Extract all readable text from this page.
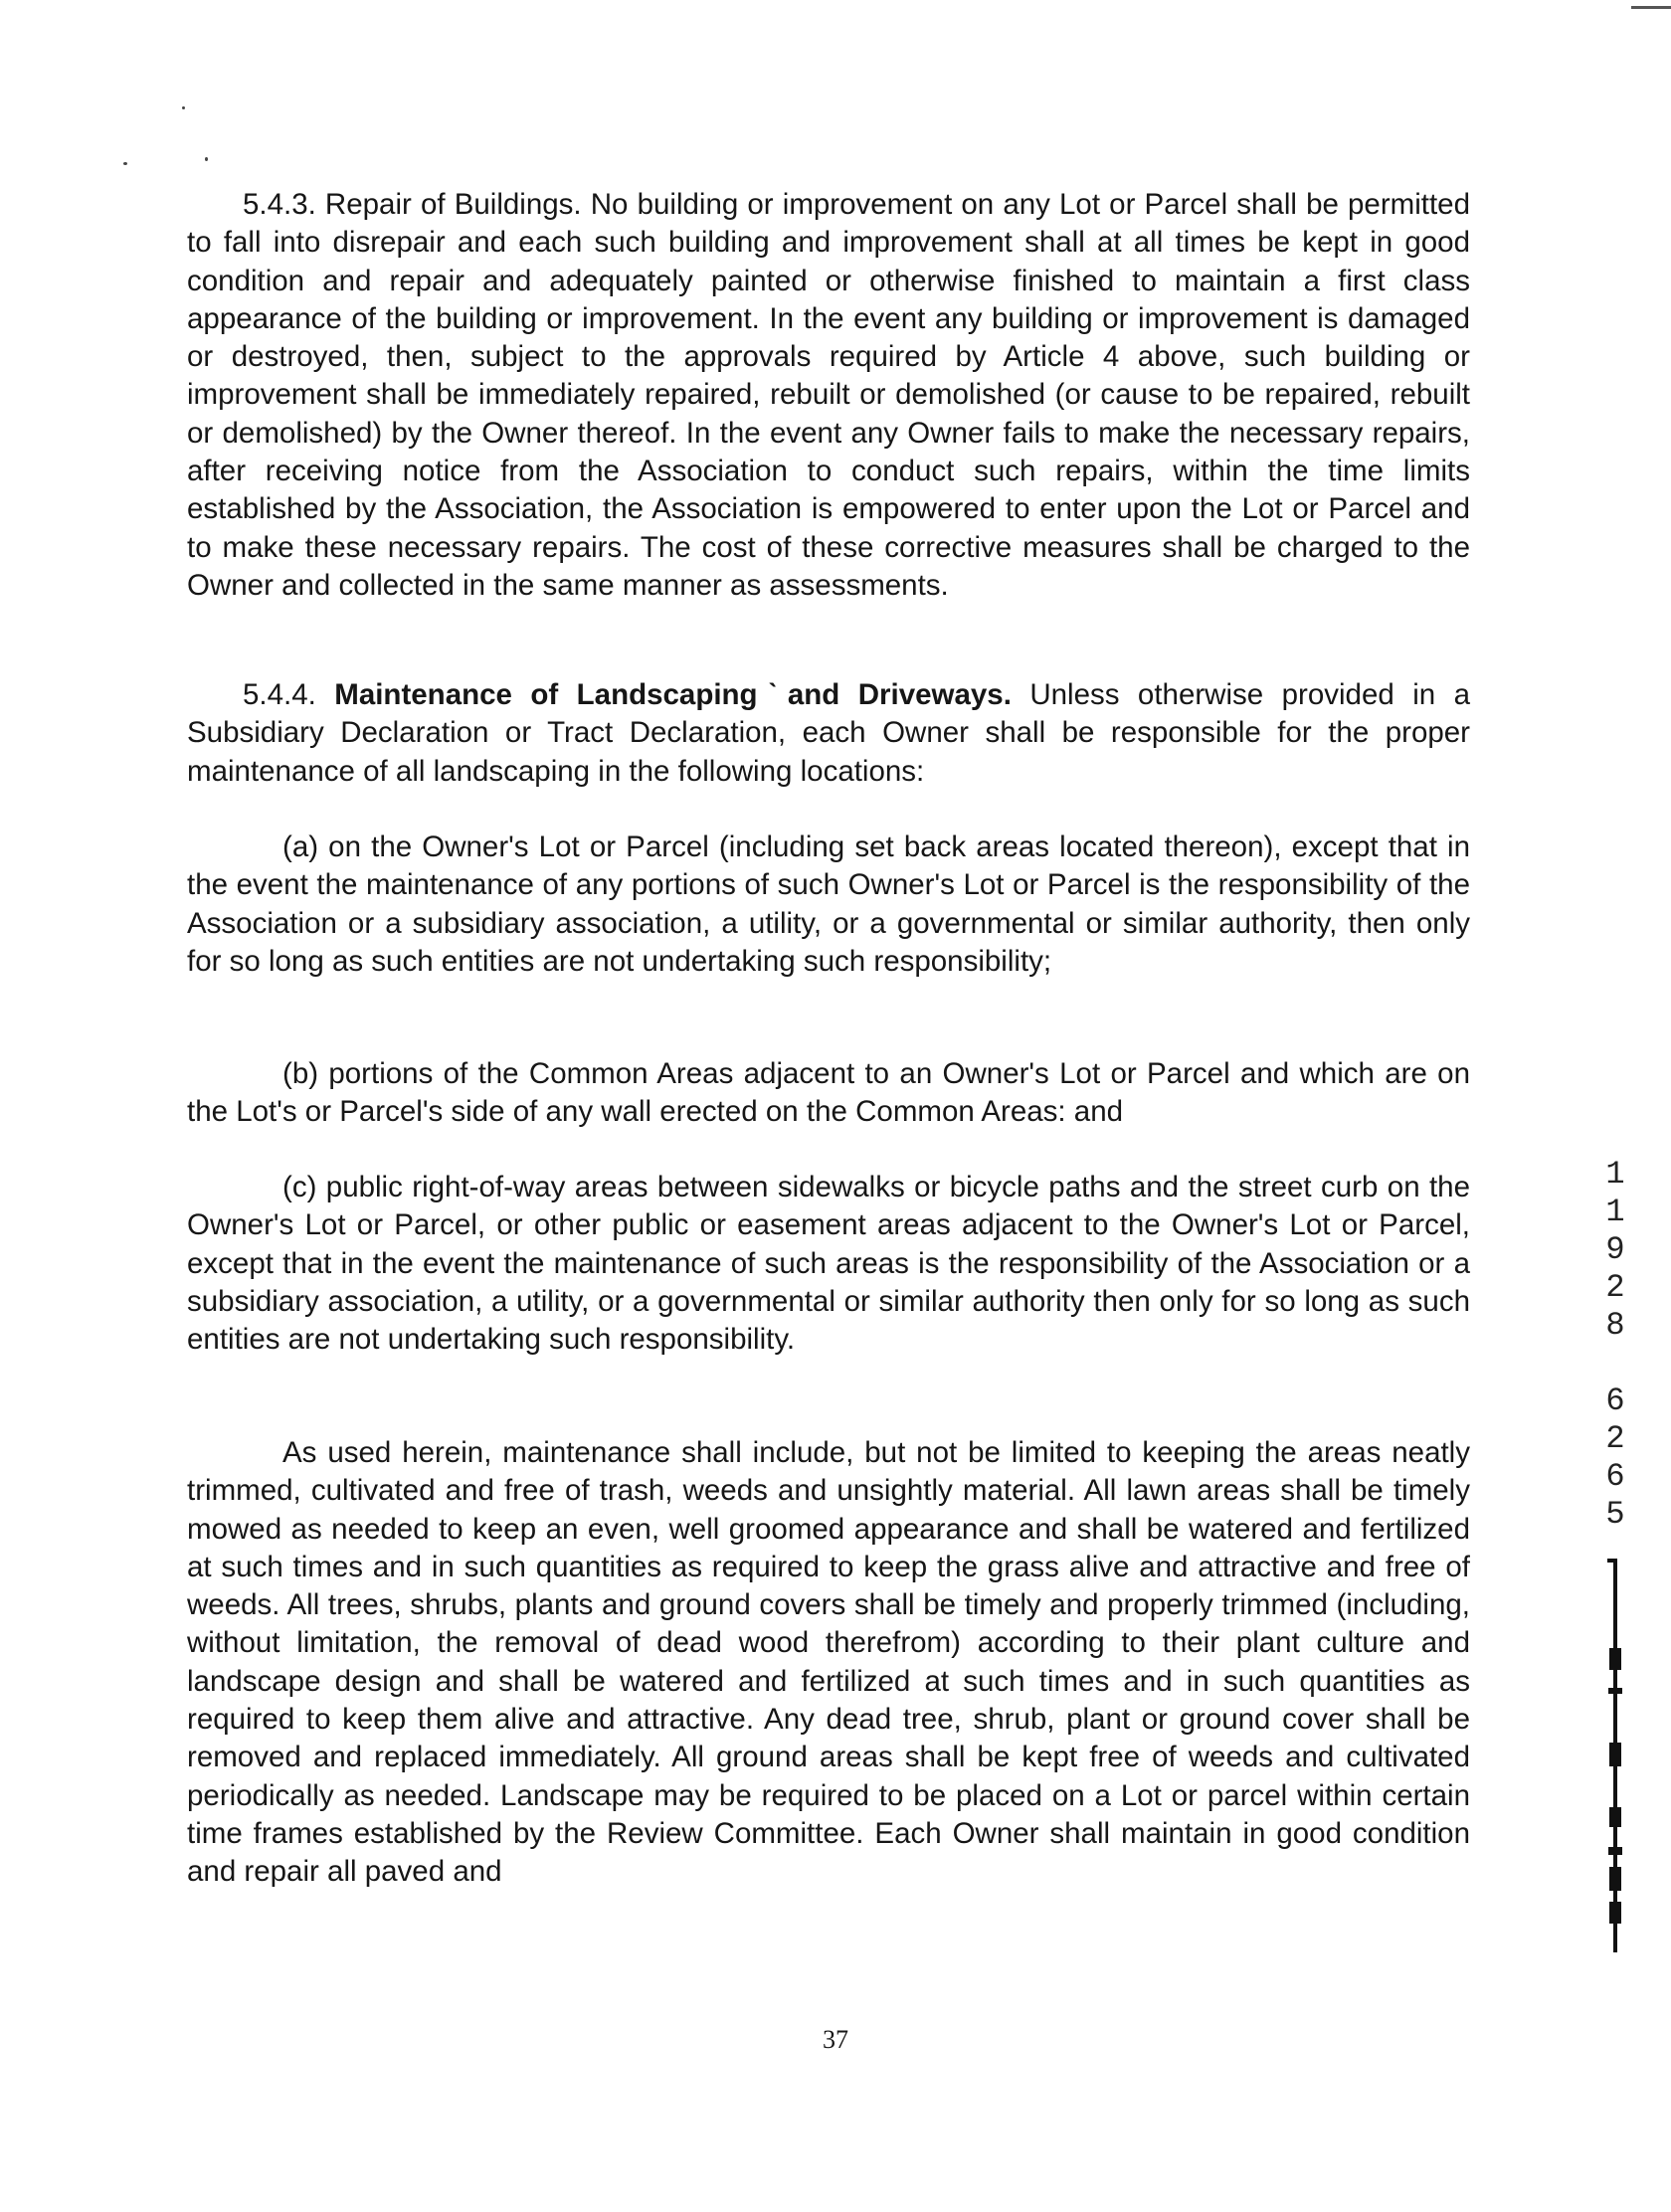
5.4.3. Repair of Buildings. No building or improvement on any Lot or Parcel shall be permitted to fall into disrepair and each such building and improvement shall at all times be kept in good condition and repair and adequately painted or otherwise finished to maintain a first class appearance of the building or improvement. In the event any building or improvement is damaged or destroyed, then, subject to the approvals required by Article 4 above, such building or improvement shall be immediately repaired, rebuilt or demolished (or cause to be repaired, rebuilt or demolished) by the Owner thereof. In the event any Owner fails to make the necessary repairs, after receiving notice from the Association to conduct such repairs, within the time limits established by the Association, the Association is empowered to enter upon the Lot or Parcel and to make these necessary repairs. The cost of these corrective measures shall be charged to the Owner and collected in the same manner as assessments.

5.4.4. Maintenance of Landscapingˋand Driveways. Unless otherwise provided in a Subsidiary Declaration or Tract Declaration, each Owner shall be responsible for the proper maintenance of all landscaping in the following locations:

(a) on the Owner's Lot or Parcel (including set back areas located thereon), except that in the event the maintenance of any portions of such Owner's Lot or Parcel is the responsibility of the Association or a subsidiary association, a utility, or a governmental or similar authority, then only for so long as such entities are not undertaking such responsibility;

(b) portions of the Common Areas adjacent to an Owner's Lot or Parcel and which are on the Lot's or Parcel's side of any wall erected on the Common Areas: and

(c) public right-of-way areas between sidewalks or bicycle paths and the street curb on the Owner's Lot or Parcel, or other public or easement areas adjacent to the Owner's Lot or Parcel, except that in the event the maintenance of such areas is the responsibility of the Association or a subsidiary association, a utility, or a governmental or similar authority then only for so long as such entities are not undertaking such responsibility.

As used herein, maintenance shall include, but not be limited to keeping the areas neatly trimmed, cultivated and free of trash, weeds and unsightly material. All lawn areas shall be timely mowed as needed to keep an even, well groomed appearance and shall be watered and fertilized at such times and in such quantities as required to keep the grass alive and attractive and free of weeds. All trees, shrubs, plants and ground covers shall be timely and properly trimmed (including, without limitation, the removal of dead wood therefrom) according to their plant culture and landscape design and shall be watered and fertilized at such times and in such quantities as required to keep them alive and attractive. Any dead tree, shrub, plant or ground cover shall be removed and replaced immediately. All ground areas shall be kept free of weeds and cultivated periodically as needed. Landscape may be required to be placed on a Lot or parcel within certain time frames established by the Review Committee. Each Owner shall maintain in good condition and repair all paved and

37

1
1
9
2
8

6
2
6
5
